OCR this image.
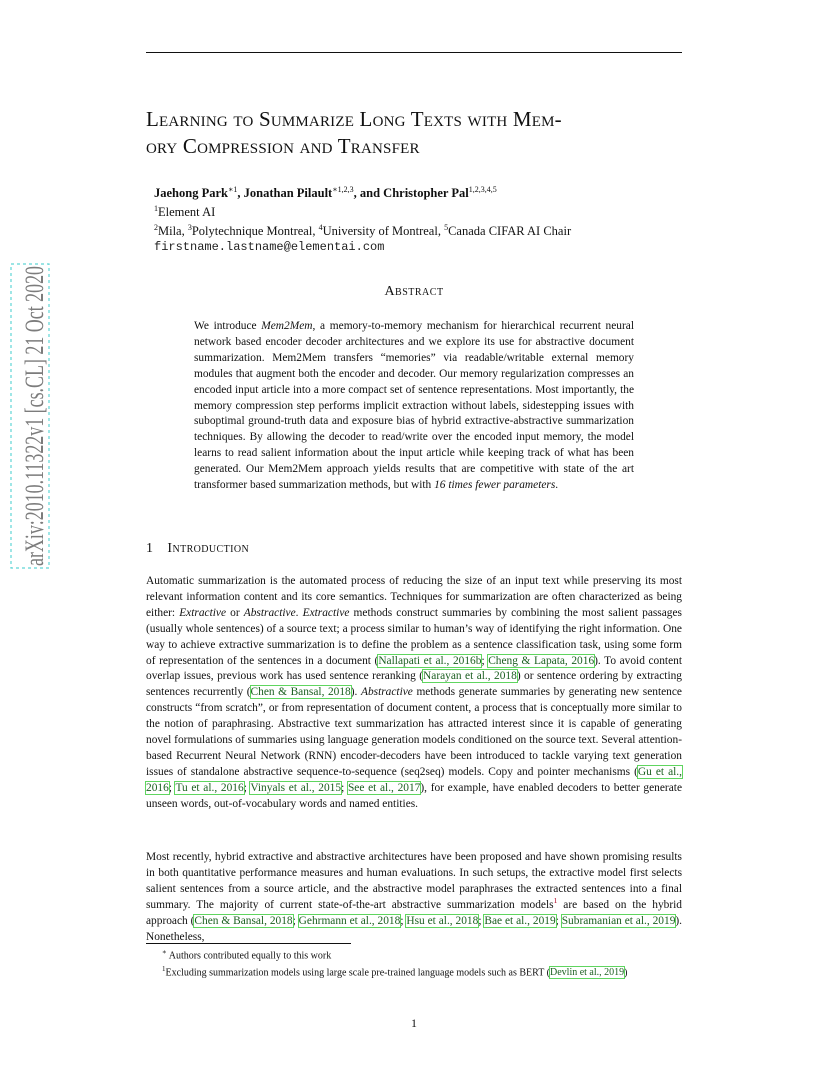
Learning to Summarize Long Texts with Mem-
ory Compression and Transfer
Jaehong Park$^{∗1}$, Jonathan Pilault$^{∗1,2,3}$, and Christopher Pal$^{1,2,3,4,5}$
$^1$Element AI
$^2$Mila, $^3$Polytechnique Montreal, $^4$University of Montreal, $^5$Canada CIFAR AI Chair
firstname.lastname@elementai.com
arXiv:2010.11322v1 [cs.CL] 21 Oct 2020	Abstract

We introduce Mem2Mem, a memory-to-memory mechanism for hierarchical recurrent neural network based encoder decoder architectures and we explore its use for abstractive document summarization. Mem2Mem transfers “memories” via readable/writable external memory modules that augment both the encoder and decoder. Our memory regularization compresses an encoded input article into a more compact set of sentence representations. Most importantly, the memory compression step performs implicit extraction without labels, sidestepping issues with suboptimal ground-truth data and exposure bias of hybrid extractive-abstractive summarization techniques. By allowing the decoder to read/write over the encoded input memory, the model learns to read salient information about the input article while keeping track of what has been generated. Our Mem2Mem approach yields results that are competitive with state of the art transformer based summarization methods, but with 16 times fewer parameters.

1 Introduction

Automatic summarization is the automated process of reducing the size of an input text while preserving its most relevant information content and its core semantics. Techniques for summarization are often characterized as being either: Extractive or Abstractive. Extractive methods construct summaries by combining the most salient passages (usually whole sentences) of a source text; a process similar to human’s way of identifying the right information. One way to achieve extractive summarization is to define the problem as a sentence classification task, using some form of representation of the sentences in a document (Nallapati et al., 2016b; Cheng & Lapata, 2016). To avoid content overlap issues, previous work has used sentence reranking (Narayan et al., 2018) or sentence ordering by extracting sentences recurrently (Chen & Bansal, 2018). Abstractive methods generate summaries by generating new sentence constructs “from scratch”, or from representation of document content, a process that is conceptually more similar to the notion of paraphrasing. Abstractive text summarization has attracted interest since it is capable of generating novel formulations of summaries using language generation models conditioned on the source text. Several attention-based Recurrent Neural Network (RNN) encoder-decoders have been introduced to tackle varying text generation issues of standalone abstractive sequence-to-sequence (seq2seq) models. Copy and pointer mechanisms (Gu et al., 2016; Tu et al., 2016; Vinyals et al., 2015; See et al., 2017), for example, have enabled decoders to better generate unseen words, out-of-vocabulary words and named entities.

Most recently, hybrid extractive and abstractive architectures have been proposed and have shown promising results in both quantitative performance measures and human evaluations. In such setups, the extractive model first selects salient sentences from a source article, and the abstractive model paraphrases the extracted sentences into a final summary. The majority of current state-of-the-art abstractive summarization models$^1$ are based on the hybrid approach (Chen & Bansal, 2018; Gehrmann et al., 2018; Hsu et al., 2018; Bae et al., 2019; Subramanian et al., 2019). Nonetheless,

∗ Authors contributed equally to this work
$^1$Excluding summarization models using large scale pre-trained language models such as BERT (Devlin et al., 2019)
1
